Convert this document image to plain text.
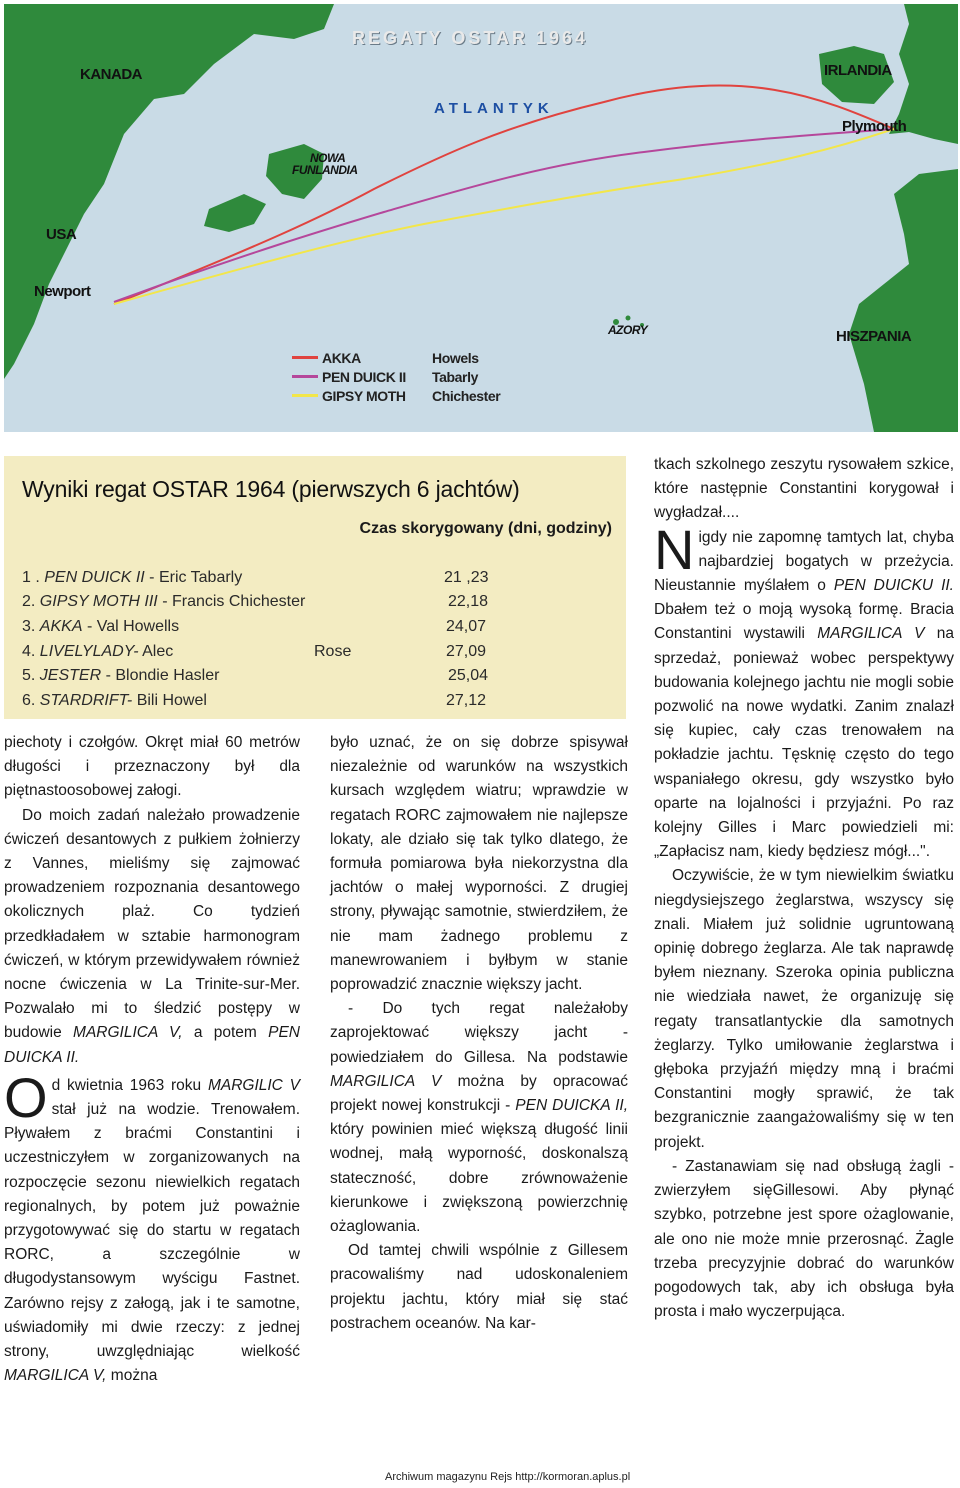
REGATY OSTAR 1964
ATLANTYK
KANADA
NOWA
FUNLANDIA
USA
Newport
IRLANDIA
Plymouth
AZORY	HISZPANIA
AKKA	Howels
PEN DUICK II	Tabarly
GIPSY MOTH	Chichester
Wyniki regat OSTAR 1964 (pierwszych 6 jachtów)
Czas skorygowany (dni, godziny)
1 . PEN DUICK II - Eric Tabarly	21 ,23
2. GIPSY MOTH III - Francis Chichester	22,18
3. AKKA - Val Howells	24,07
4. LIVELYLADY- Alec	Rose	27,09
5. JESTER - Blondie Hasler	25,04
6. STARDRIFT- Bili Howel	27,12

piechoty i czołgów. Okręt miał 60 metrów długości i przeznaczony był dla piętnastoosobowej załogi.

Do moich zadań należało prowadzenie ćwiczeń desantowych z pułkiem żołnierzy z Vannes, mieliśmy się zajmować prowadzeniem rozpoznania desantowego okolicznych plaż. Co tydzień przedkładałem w sztabie harmonogram ćwiczeń, w którym przewidywałem również nocne ćwiczenia w La Trinite-sur-Mer. Pozwalało mi to śledzić postępy w budowie MARGILICA V, a potem PEN DUICKA II.

Od kwietnia 1963 roku MARGILIC V stał już na wodzie. Trenowałem. Pływałem z braćmi Constantini i uczestniczyłem w zorganizowanych na rozpoczęcie sezonu niewielkich regatach regionalnych, by potem już poważnie przygotowywać się do startu w regatach RORC, a szczególnie w długodystansowym wyścigu Fastnet. Zarówno rejsy z załogą, jak i te samotne, uświadomiły mi dwie rzeczy: z jednej strony, uwzględniając wielkość MARGILICA V, można

było uznać, że on się dobrze spisywał niezależnie od warunków na wszystkich kursach względem wiatru; wprawdzie w regatach RORC zajmowałem nie najlepsze lokaty, ale działo się tak tylko dlatego, że formuła pomiarowa była niekorzystna dla jachtów o małej wyporności. Z drugiej strony, pływając samotnie, stwierdziłem, że nie mam żadnego problemu z manewrowaniem i byłbym w stanie poprowadzić znacznie większy jacht.

- Do tych regat należałoby zaprojektować większy jacht - powiedziałem do Gillesa. Na podstawie MARGILICA V można by opracować projekt nowej konstrukcji - PEN DUICKA II, który powinien mieć większą długość linii wodnej, małą wyporność, doskonalszą stateczność, dobre zrównoważenie kierunkowe i zwiększoną powierzchnię ożaglowania.

Od tamtej chwili wspólnie z Gillesem pracowaliśmy nad udoskonaleniem projektu jachtu, który miał się stać postrachem oceanów. Na kar-

tkach szkolnego zeszytu rysowałem szkice, które następnie Constantini korygował i wygładzał....

Nigdy nie zapomnę tamtych lat, chyba najbardziej bogatych w przeżycia. Nieustannie myślałem o PEN DUICKU II. Dbałem też o moją wysoką formę. Bracia Constantini wystawili MARGILICA V na sprzedaż, ponieważ wobec perspektywy budowania kolejnego jachtu nie mogli sobie pozwolić na nowe wydatki. Zanim znalazł się kupiec, cały czas trenowałem na pokładzie jachtu. Tęsknię często do tego wspaniałego okresu, gdy wszystko było oparte na lojalności i przyjaźni. Po raz kolejny Gilles i Marc powiedzieli mi: „Zapłacisz nam, kiedy będziesz mógł...".

Oczywiście, że w tym niewielkim światku niegdysiejszego żeglarstwa, wszyscy się znali. Miałem już solidnie ugruntowaną opinię dobrego żeglarza. Ale tak naprawdę byłem nieznany. Szeroka opinia publiczna nie wiedziała nawet, że organizuję się regaty transatlantyckie dla samotnych żeglarzy. Tylko umiłowanie żeglarstwa i głęboka przyjaźń między mną i braćmi Constantini mogły sprawić, że tak bezgranicznie zaangażowaliśmy się w ten projekt.

- Zastanawiam się nad obsługą żagli - zwierzyłem sięGillesowi. Aby płynąć szybko, potrzebne jest spore ożaglowanie, ale ono nie może mnie przerosnąć. Żagle trzeba precyzyjnie dobrać do warunków pogodowych tak, aby ich obsługa była prosta i mało wyczerpująca.

Archiwum magazynu Rejs http://kormoran.aplus.pl
